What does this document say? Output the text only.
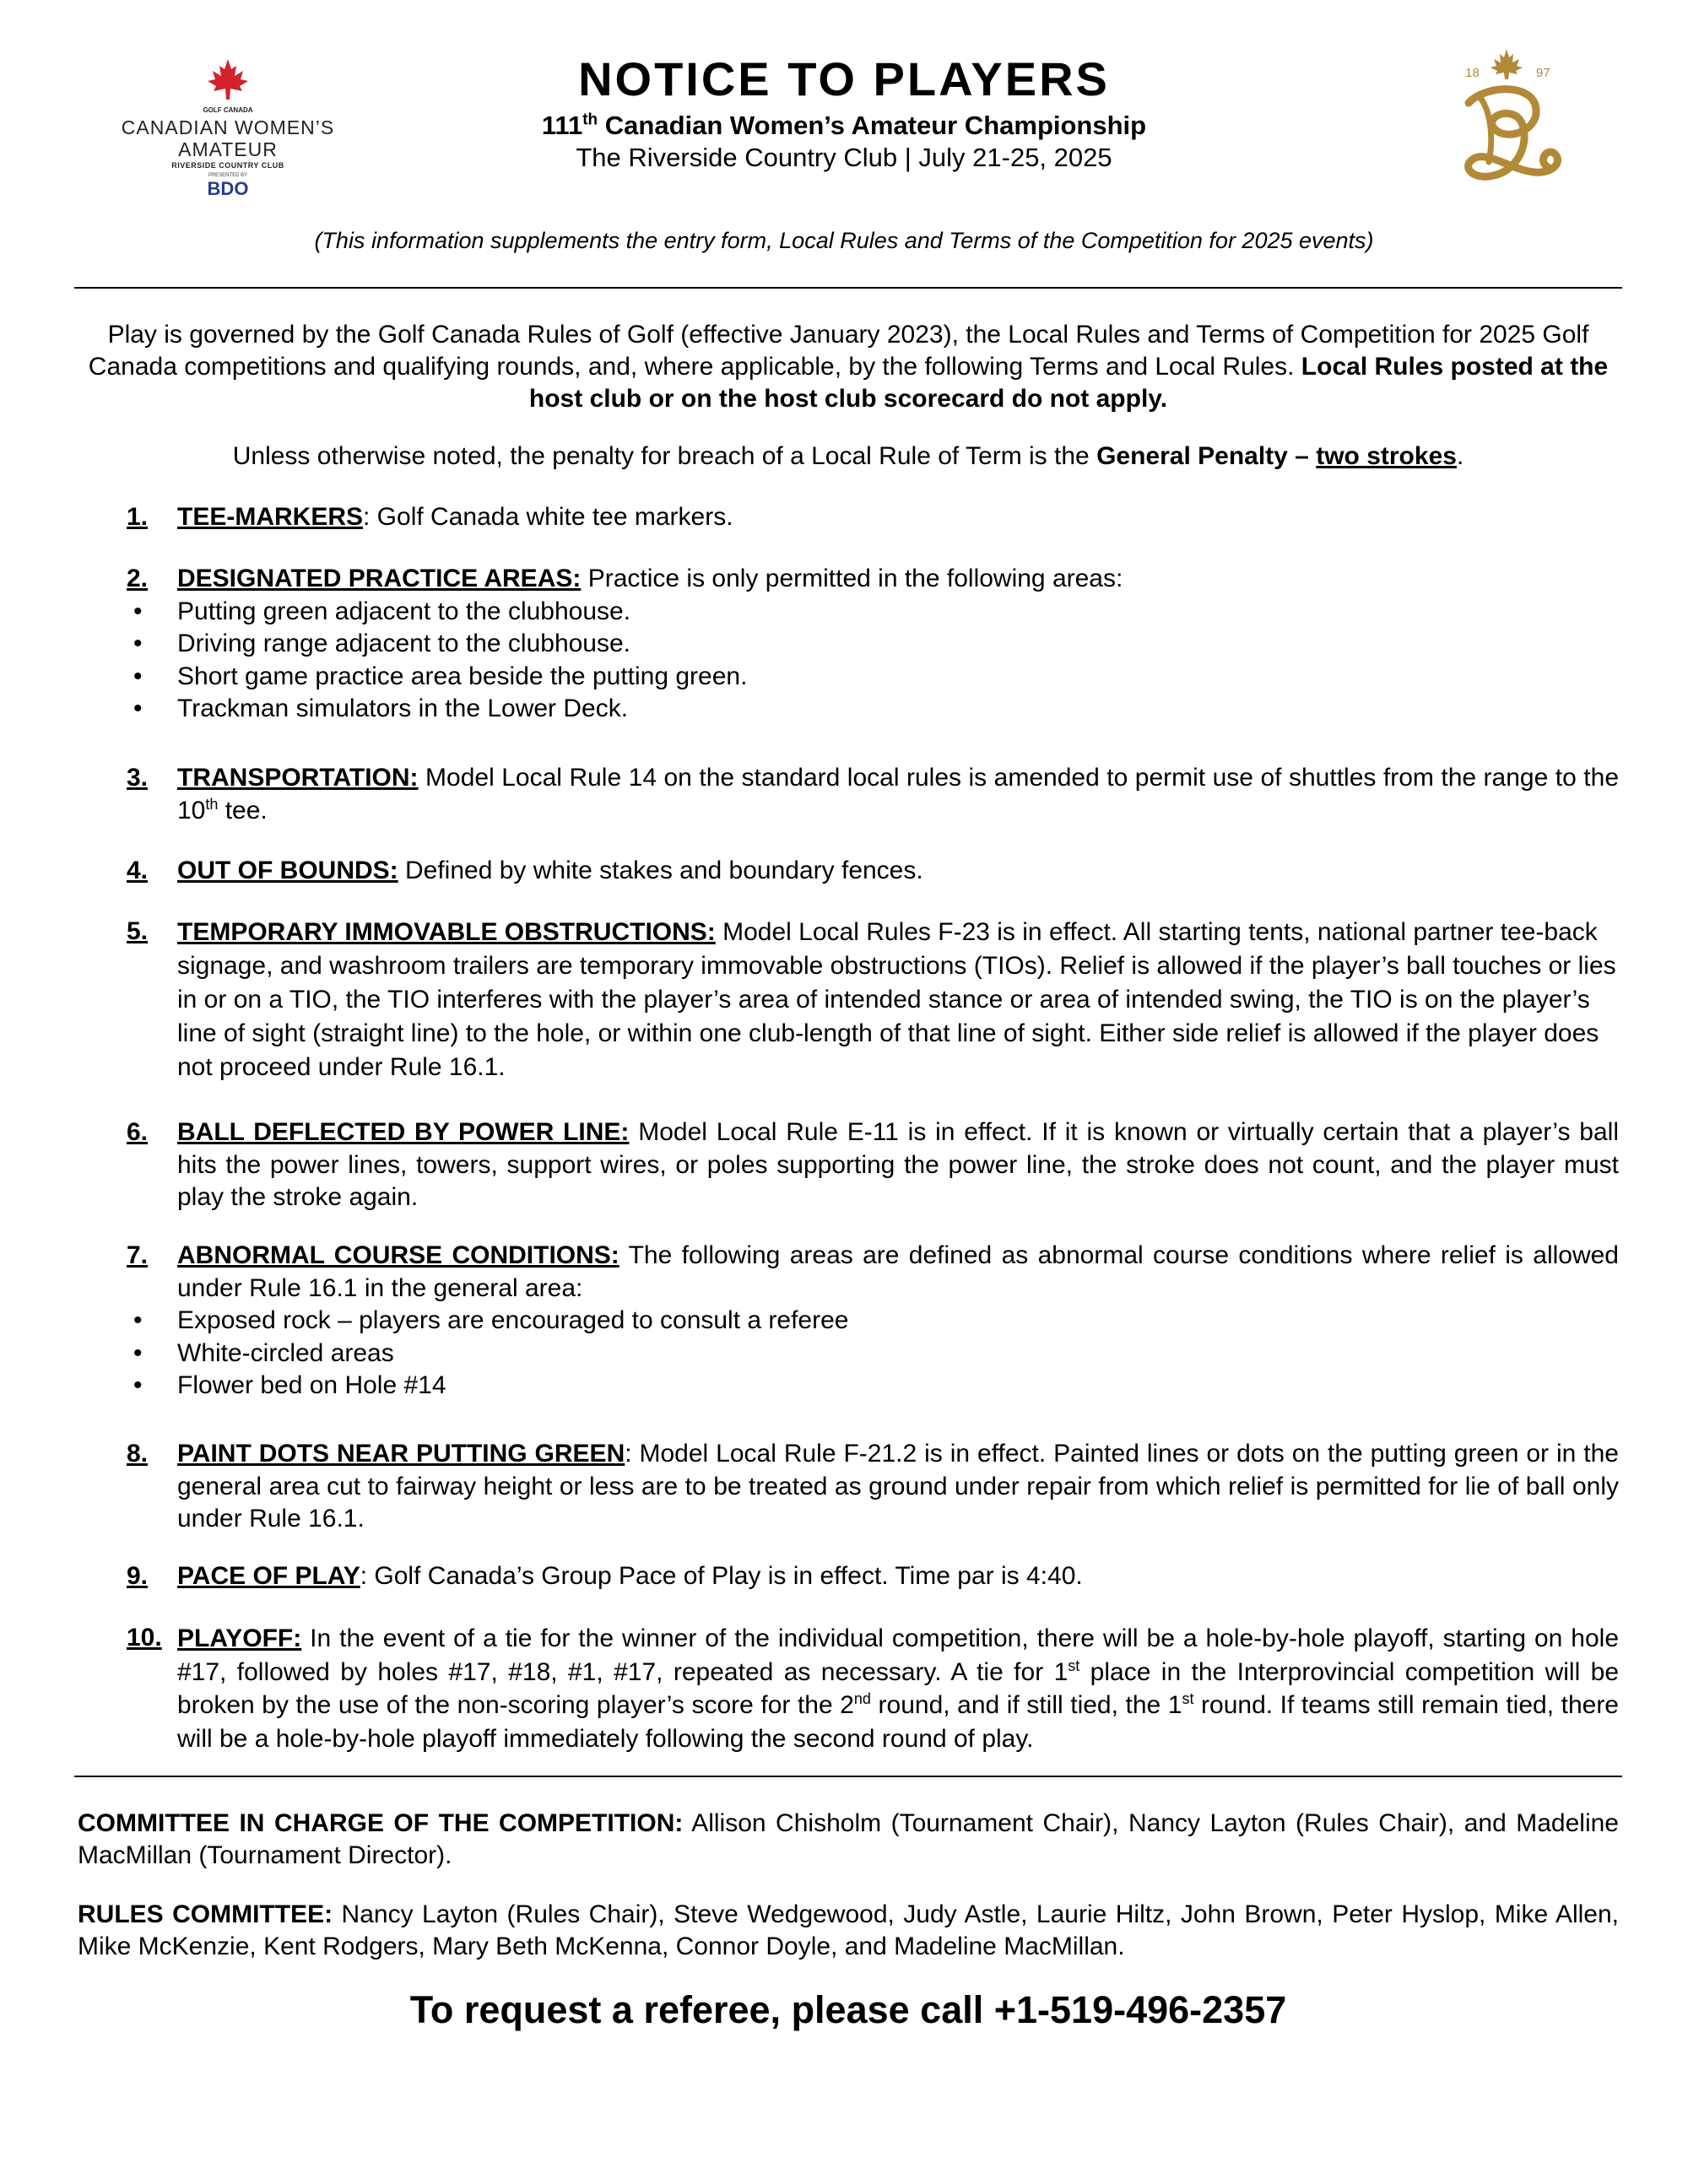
GOLF CANADA
CANADIAN WOMEN’S
AMATEUR
RIVERSIDE COUNTRY CLUB
PRESENTED BY
BDO
18	97
NOTICE TO PLAYERS
111th Canadian Women’s Amateur Championship
The Riverside Country Club | July 21-25, 2025
(This information supplements the entry form, Local Rules and Terms of the Competition for 2025 events)
Play is governed by the Golf Canada Rules of Golf (effective January 2023), the Local Rules and Terms of Competition for 2025 Golf Canada competitions and qualifying rounds, and, where applicable, by the following Terms and Local Rules. Local Rules posted at the host club or on the host club scorecard do not apply.
Unless otherwise noted, the penalty for breach of a Local Rule of Term is the General Penalty – two strokes.
1.	TEE-MARKERS: Golf Canada white tee markers.
2.	DESIGNATED PRACTICE AREAS: Practice is only permitted in the following areas:
• Putting green adjacent to the clubhouse.
• Driving range adjacent to the clubhouse.
• Short game practice area beside the putting green.
• Trackman simulators in the Lower Deck.
3.	TRANSPORTATION: Model Local Rule 14 on the standard local rules is amended to permit use of shuttles from the range to the 10th tee.
4.	OUT OF BOUNDS: Defined by white stakes and boundary fences.
5.	TEMPORARY IMMOVABLE OBSTRUCTIONS: Model Local Rules F-23 is in effect. All starting tents, national partner tee-back signage, and washroom trailers are temporary immovable obstructions (TIOs). Relief is allowed if the player’s ball touches or lies in or on a TIO, the TIO interferes with the player’s area of intended stance or area of intended swing, the TIO is on the player’s line of sight (straight line) to the hole, or within one club-length of that line of sight. Either side relief is allowed if the player does not proceed under Rule 16.1.
6.	BALL DEFLECTED BY POWER LINE: Model Local Rule E-11 is in effect. If it is known or virtually certain that a player’s ball hits the power lines, towers, support wires, or poles supporting the power line, the stroke does not count, and the player must play the stroke again.
7.	ABNORMAL COURSE CONDITIONS: The following areas are defined as abnormal course conditions where relief is allowed under Rule 16.1 in the general area:
• Exposed rock – players are encouraged to consult a referee
• White-circled areas
• Flower bed on Hole #14
8.	PAINT DOTS NEAR PUTTING GREEN: Model Local Rule F-21.2 is in effect. Painted lines or dots on the putting green or in the general area cut to fairway height or less are to be treated as ground under repair from which relief is permitted for lie of ball only under Rule 16.1.
9.	PACE OF PLAY: Golf Canada’s Group Pace of Play is in effect. Time par is 4:40.
10. PLAYOFF: In the event of a tie for the winner of the individual competition, there will be a hole-by-hole playoff, starting on hole #17, followed by holes #17, #18, #1, #17, repeated as necessary. A tie for 1st place in the Interprovincial competition will be broken by the use of the non-scoring player’s score for the 2nd round, and if still tied, the 1st round. If teams still remain tied, there will be a hole-by-hole playoff immediately following the second round of play.
COMMITTEE IN CHARGE OF THE COMPETITION: Allison Chisholm (Tournament Chair), Nancy Layton (Rules Chair), and Madeline MacMillan (Tournament Director).
RULES COMMITTEE: Nancy Layton (Rules Chair), Steve Wedgewood, Judy Astle, Laurie Hiltz, John Brown, Peter Hyslop, Mike Allen, Mike McKenzie, Kent Rodgers, Mary Beth McKenna, Connor Doyle, and Madeline MacMillan.
To request a referee, please call +1-519-496-2357
